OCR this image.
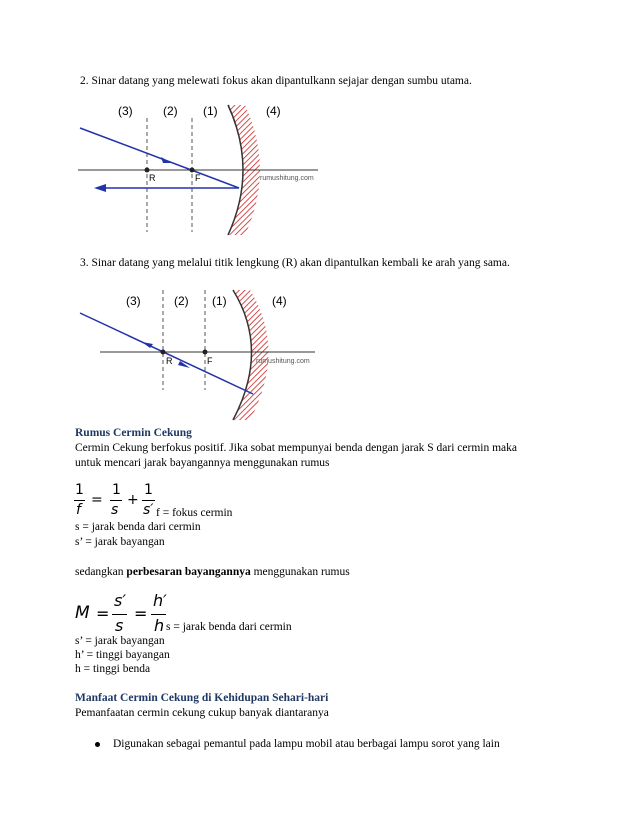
2. Sinar datang yang melewati fokus akan dipantulkann sejajar dengan sumbu utama.
(3)	(2) (1)	(4)
R	F	rumushitung.com
3. Sinar datang yang melalui titik lengkung (R) akan dipantulkan kembali ke arah yang sama.
(3)	(2) (1)	(4)
R	F	rumushitung.com
Rumus Cermin Cekung
Cermin Cekung berfokus positif. Jika sobat mempunyai benda dengan jarak S dari cermin maka
untuk mencari jarak bayangannya menggunakan rumus
1
f
=
1
s
+
1
s′ f = fokus cermin
s = jarak benda dari cermin
s’ = jarak bayangan
sedangkan perbesaran bayangannya menggunakan rumus
M =
s′
s
=
h′
h s = jarak benda dari cermin
s’ = jarak bayangan
h’ = tinggi bayangan
h = tinggi benda
Manfaat Cermin Cekung di Kehidupan Sehari-hari
Pemanfaatan cermin cekung cukup banyak diantaranya
Digunakan sebagai pemantul pada lampu mobil atau berbagai lampu sorot yang lain
